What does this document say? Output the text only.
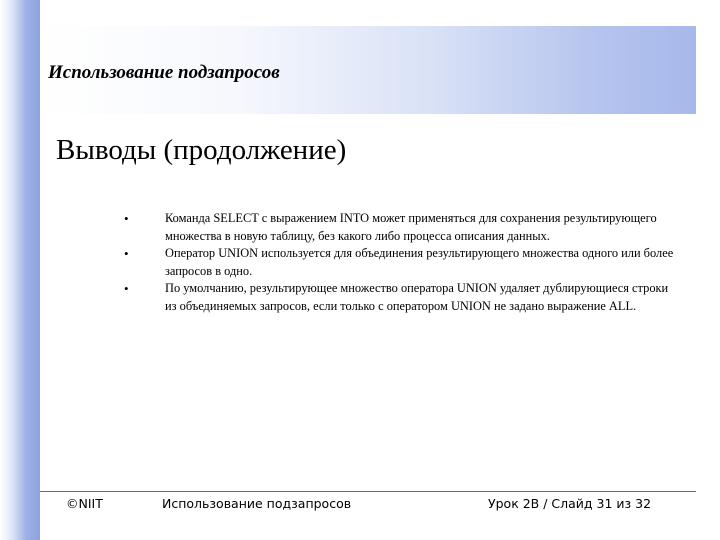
Использование подзапросов
Выводы (продолжение)
•	Команда SELECT с выражением INTO может применяться для сохранения результирующего множества в новую таблицу, без какого либо процесса описания данных.
•	Оператор UNION используется для объединения результирующего множества одного или более запросов в одно.
•	По умолчанию, результирующее множество оператора UNION удаляет дублирующиеся строки из объединяемых запросов, если только с оператором UNION не задано выражение ALL.
©NIIT	Использование подзапросов	Урок 2В / Слайд 31 из 32
